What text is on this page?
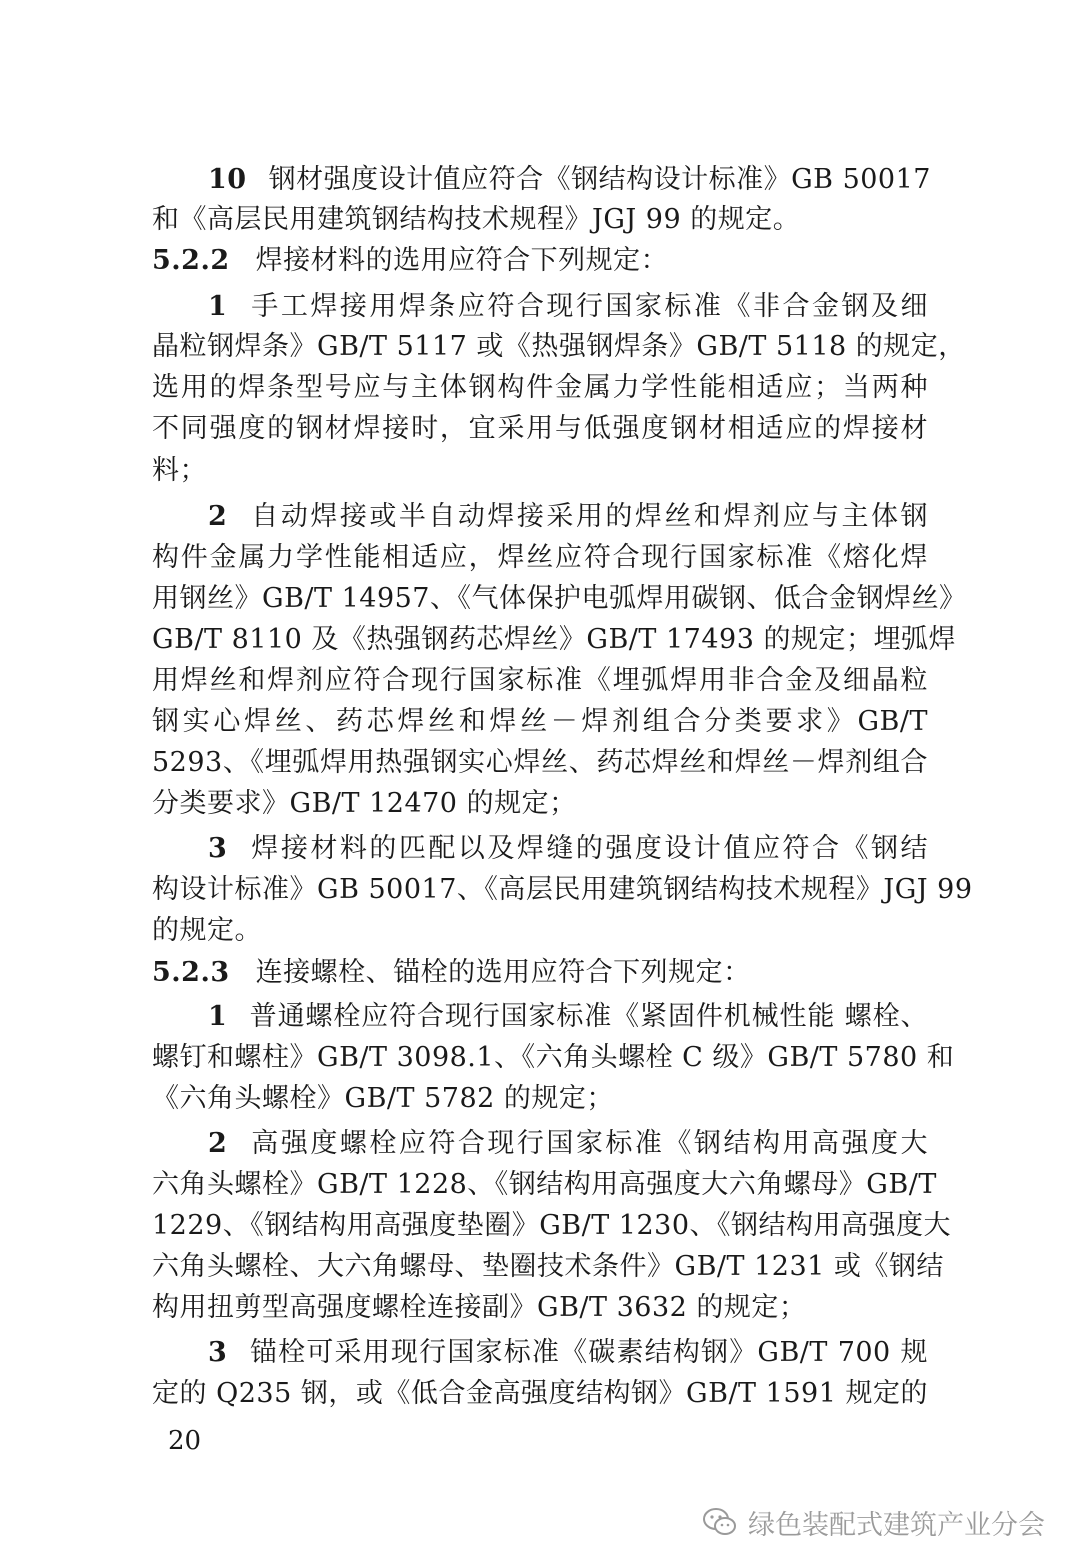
10 钢材强度设计值应符合《钢结构设计标准》GB 50017
和《高层民用建筑钢结构技术规程》JGJ 99 的规定。
5.2.2 焊接材料的选用应符合下列规定：
1 手工焊接用焊条应符合现行国家标准《非合金钢及细
晶粒钢焊条》GB/T 5117 或《热强钢焊条》GB/T 5118 的规定，
选用的焊条型号应与主体钢构件金属力学性能相适应；当两种
不同强度的钢材焊接时，宜采用与低强度钢材相适应的焊接材
料；
2 自动焊接或半自动焊接采用的焊丝和焊剂应与主体钢
构件金属力学性能相适应，焊丝应符合现行国家标准《熔化焊
用钢丝》GB/T 14957、《气体保护电弧焊用碳钢、低合金钢焊丝》
GB/T 8110 及《热强钢药芯焊丝》GB/T 17493 的规定；埋弧焊
用焊丝和焊剂应符合现行国家标准《埋弧焊用非合金及细晶粒
钢实心焊丝、药芯焊丝和焊丝－焊剂组合分类要求》GB/T
5293、《埋弧焊用热强钢实心焊丝、药芯焊丝和焊丝－焊剂组合
分类要求》GB/T 12470 的规定；
3 焊接材料的匹配以及焊缝的强度设计值应符合《钢结
构设计标准》GB 50017、《高层民用建筑钢结构技术规程》JGJ 99
的规定。
5.2.3 连接螺栓、锚栓的选用应符合下列规定：
1 普通螺栓应符合现行国家标准《紧固件机械性能 螺栓、
螺钉和螺柱》GB/T 3098.1、《六角头螺栓 C 级》GB/T 5780 和
《六角头螺栓》GB/T 5782 的规定；
2 高强度螺栓应符合现行国家标准《钢结构用高强度大
六角头螺栓》GB/T 1228、《钢结构用高强度大六角螺母》GB/T
1229、《钢结构用高强度垫圈》GB/T 1230、《钢结构用高强度大
六角头螺栓、大六角螺母、垫圈技术条件》GB/T 1231 或《钢结
构用扭剪型高强度螺栓连接副》GB/T 3632 的规定；
3 锚栓可采用现行国家标准《碳素结构钢》GB/T 700 规
定的 Q235 钢，或《低合金高强度结构钢》GB/T 1591 规定的
20
绿色装配式建筑产业分会
